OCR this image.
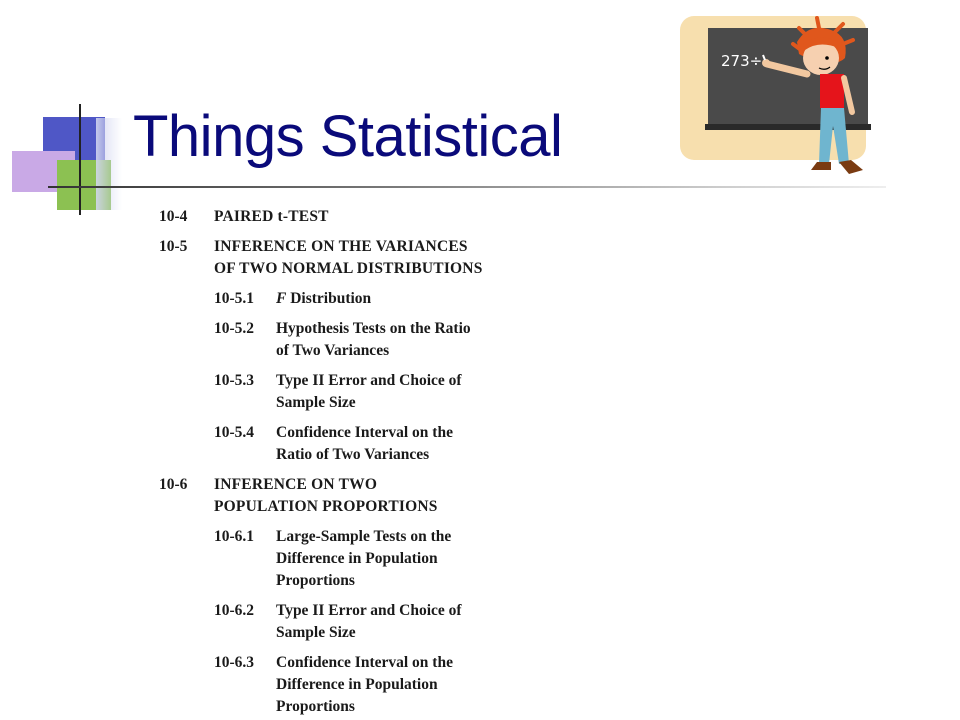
Things Statistical
273÷
10-4	PAIRED t-TEST
10-5	INFERENCE ON THE VARIANCES
OF TWO NORMAL DISTRIBUTIONS
10-5.1	F Distribution
10-5.2	Hypothesis Tests on the Ratio
of Two Variances
10-5.3	Type II Error and Choice of
Sample Size
10-5.4	Confidence Interval on the
Ratio of Two Variances
10-6	INFERENCE ON TWO
POPULATION PROPORTIONS
10-6.1	Large-Sample Tests on the
Difference in Population
Proportions
10-6.2	Type II Error and Choice of
Sample Size
10-6.3	Confidence Interval on the
Difference in Population
Proportions
